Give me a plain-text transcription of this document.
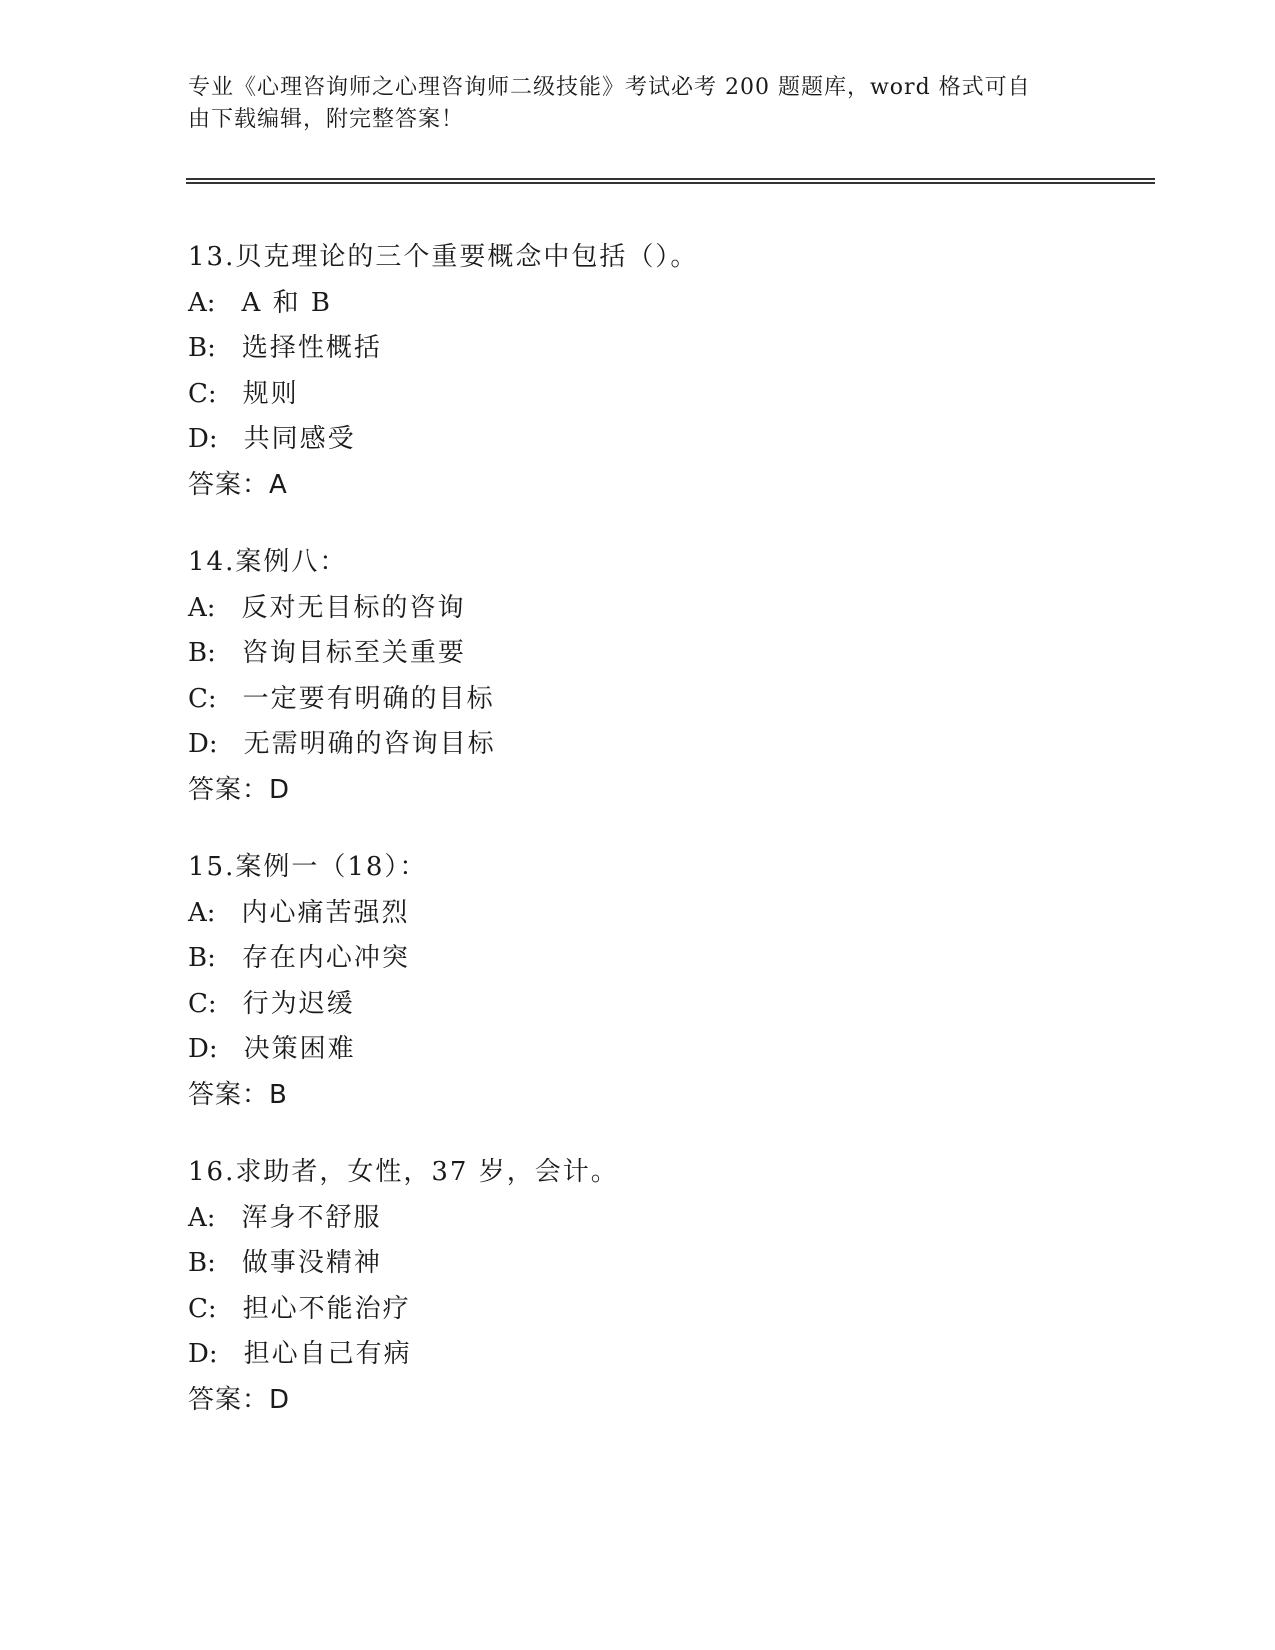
专业《心理咨询师之心理咨询师二级技能》考试必考 200 题题库，word 格式可自
由下载编辑，附完整答案！
13.贝克理论的三个重要概念中包括（）。
A: A 和 B
B: 选择性概括
C: 规则
D: 共同感受
答案：A
14.案例八：
A: 反对无目标的咨询
B: 咨询目标至关重要
C: 一定要有明确的目标
D: 无需明确的咨询目标
答案：D
15.案例一（18）：
A: 内心痛苦强烈
B: 存在内心冲突
C: 行为迟缓
D: 决策困难
答案：B
16.求助者，女性，37 岁，会计。
A: 浑身不舒服
B: 做事没精神
C: 担心不能治疗
D: 担心自己有病
答案：D
